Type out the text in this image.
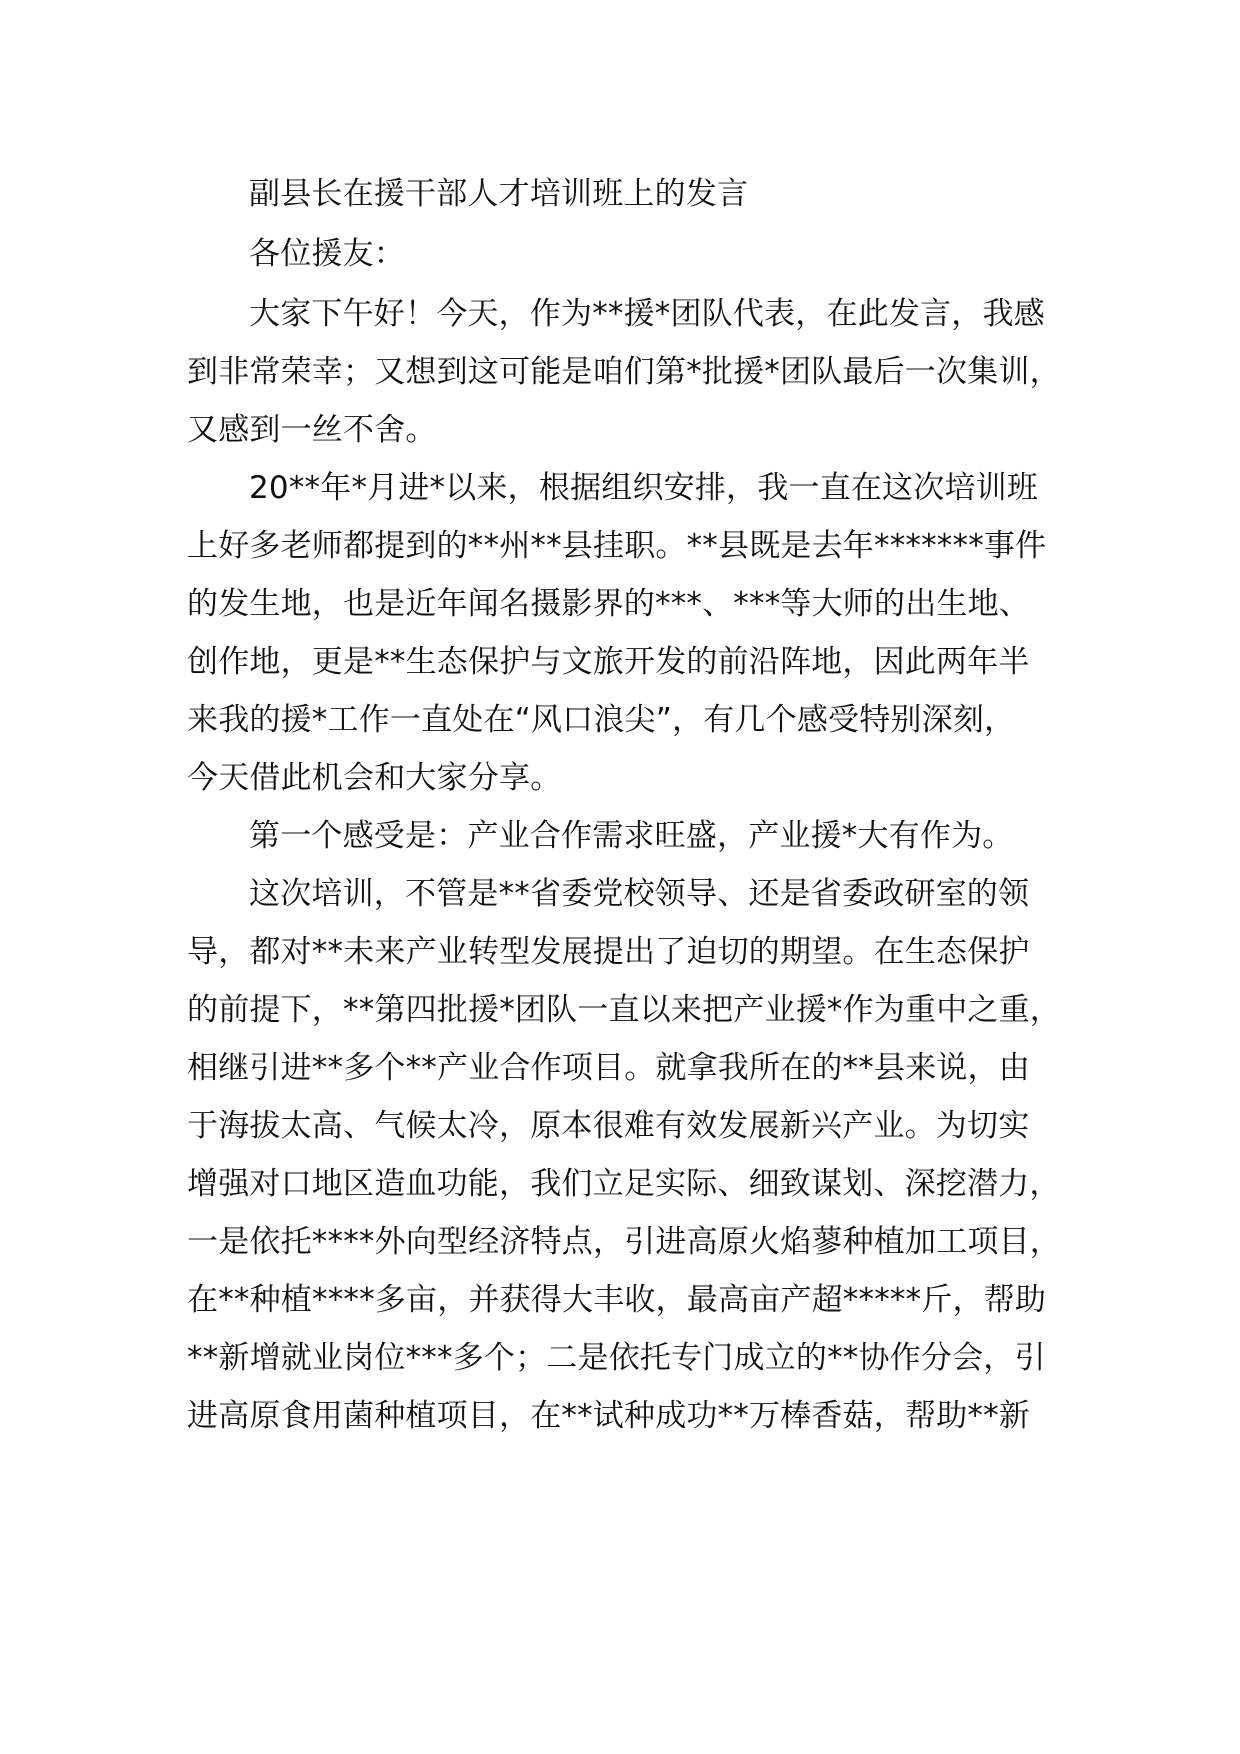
副县长在援干部人才培训班上的发言
各位援友：
大家下午好！今天，作为**援*团队代表，在此发言，我感
到非常荣幸；又想到这可能是咱们第*批援*团队最后一次集训，
又感到一丝不舍。
20**年*月进*以来，根据组织安排，我一直在这次培训班
上好多老师都提到的**州**县挂职。**县既是去年*******事件
的发生地，也是近年闻名摄影界的***、***等大师的出生地、
创作地，更是**生态保护与文旅开发的前沿阵地，因此两年半
来我的援*工作一直处在“风口浪尖”，有几个感受特别深刻，
今天借此机会和大家分享。
第一个感受是：产业合作需求旺盛，产业援*大有作为。
这次培训，不管是**省委党校领导、还是省委政研室的领
导，都对**未来产业转型发展提出了迫切的期望。在生态保护
的前提下，**第四批援*团队一直以来把产业援*作为重中之重，
相继引进**多个**产业合作项目。就拿我所在的**县来说，由
于海拔太高、气候太冷，原本很难有效发展新兴产业。为切实
增强对口地区造血功能，我们立足实际、细致谋划、深挖潜力，
一是依托****外向型经济特点，引进高原火焰蓼种植加工项目，
在**种植****多亩，并获得大丰收，最高亩产超*****斤，帮助
**新增就业岗位***多个；二是依托专门成立的**协作分会，引
进高原食用菌种植项目，在**试种成功**万棒香菇，帮助**新
